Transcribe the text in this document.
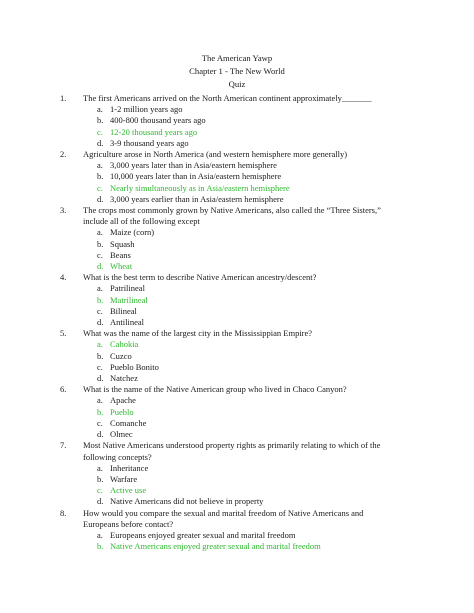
The American Yawp
Chapter 1 - The New World
Quiz
1. The first Americans arrived on the North American continent approximately_______
a. 1-2 million years ago
b. 400-800 thousand years ago
c. 12-20 thousand years ago
d. 3-9 thousand years ago
2. Agriculture arose in North America (and western hemisphere more generally)
a. 3,000 years later than in Asia/eastern hemisphere
b. 10,000 years later than in Asia/eastern hemisphere
c. Nearly simultaneously as in Asia/eastern hemisphere
d. 3,000 years earlier than in Asia/eastern hemisphere
3. The crops most commonly grown by Native Americans, also called the “Three Sisters,” include all of the following except
a. Maize (corn)
b. Squash
c. Beans
d. Wheat
4. What is the best term to describe Native American ancestry/descent?
a. Patrilineal
b. Matrilineal
c. Bilineal
d. Antilineal
5. What was the name of the largest city in the Mississippian Empire?
a. Cahokia
b. Cuzco
c. Pueblo Bonito
d. Natchez
6. What is the name of the Native American group who lived in Chaco Canyon?
a. Apache
b. Pueblo
c. Comanche
d. Olmec
7. Most Native Americans understood property rights as primarily relating to which of the following concepts?
a. Inheritance
b. Warfare
c. Active use
d. Native Americans did not believe in property
8. How would you compare the sexual and marital freedom of Native Americans and Europeans before contact?
a. Europeans enjoyed greater sexual and marital freedom
b. Native Americans enjoyed greater sexual and marital freedom
